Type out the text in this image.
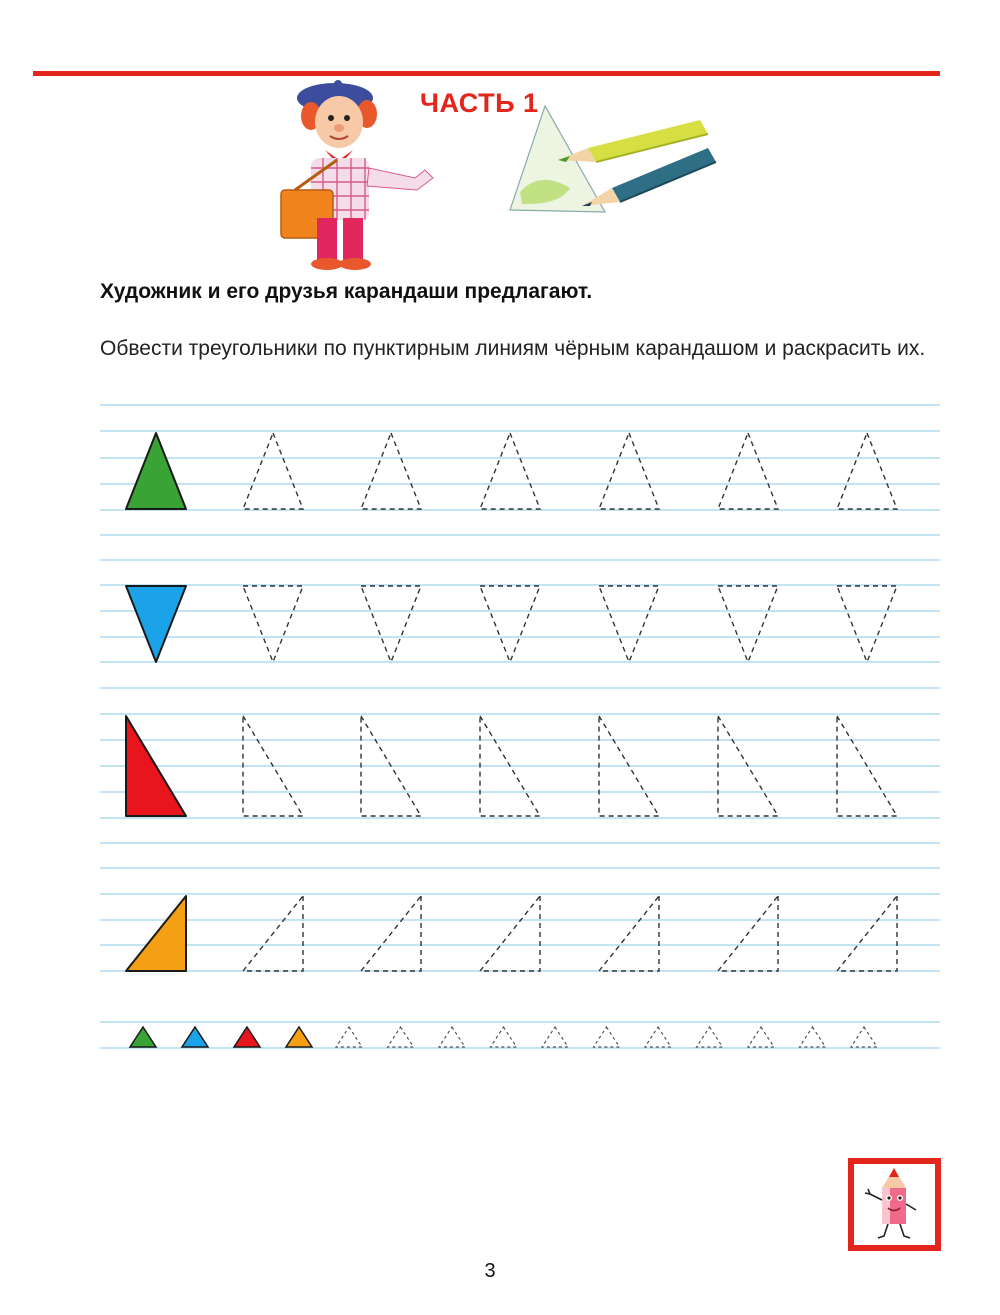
ЧАСТЬ 1
Художник и его друзья карандаши предлагают.
Обвести треугольники по пунктирным линиям чёрным карандашом и раскрасить их.
3
